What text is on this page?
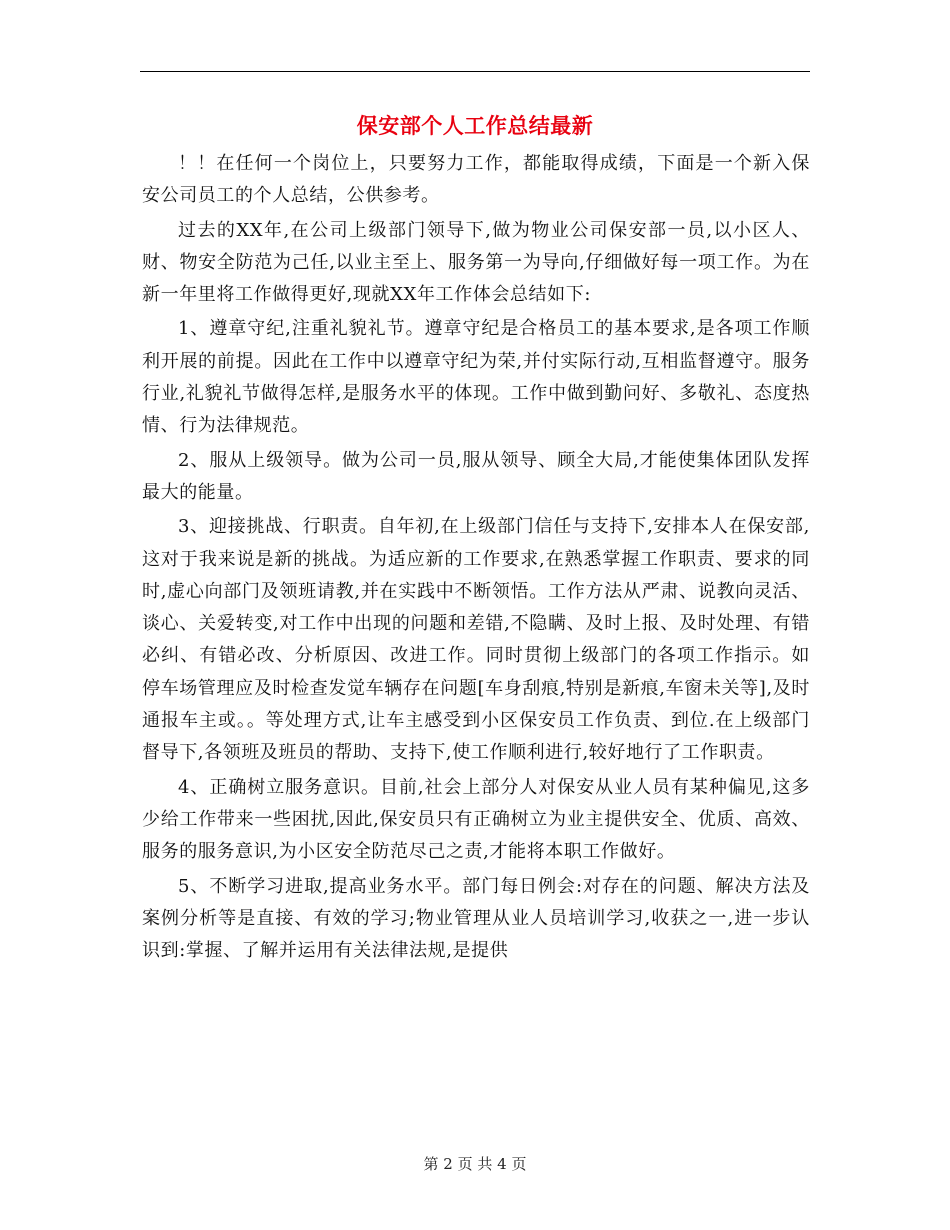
保安部个人工作总结最新

！！在任何一个岗位上，只要努力工作，都能取得成绩，下面是一个新入保安公司员工的个人总结，公供参考。

过去的XX年,在公司上级部门领导下,做为物业公司保安部一员,以小区人、财、物安全防范为己任,以业主至上、服务第一为导向,仔细做好每一项工作。为在新一年里将工作做得更好,现就XX年工作体会总结如下:

1、遵章守纪,注重礼貌礼节。遵章守纪是合格员工的基本要求,是各项工作顺利开展的前提。因此在工作中以遵章守纪为荣,并付实际行动,互相监督遵守。服务行业,礼貌礼节做得怎样,是服务水平的体现。工作中做到勤问好、多敬礼、态度热情、行为法律规范。

2、服从上级领导。做为公司一员,服从领导、顾全大局,才能使集体团队发挥最大的能量。

3、迎接挑战、行职责。自年初,在上级部门信任与支持下,安排本人在保安部,这对于我来说是新的挑战。为适应新的工作要求,在熟悉掌握工作职责、要求的同时,虚心向部门及领班请教,并在实践中不断领悟。工作方法从严肃、说教向灵活、谈心、关爱转变,对工作中出现的问题和差错,不隐瞒、及时上报、及时处理、有错必纠、有错必改、分析原因、改进工作。同时贯彻上级部门的各项工作指示。如停车场管理应及时检查发觉车辆存在问题[车身刮痕,特别是新痕,车窗未关等],及时通报车主或。。等处理方式,让车主感受到小区保安员工作负责、到位.在上级部门督导下,各领班及班员的帮助、支持下,使工作顺利进行,较好地行了工作职责。

4、正确树立服务意识。目前,社会上部分人对保安从业人员有某种偏见,这多少给工作带来一些困扰,因此,保安员只有正确树立为业主提供安全、优质、高效、服务的服务意识,为小区安全防范尽己之责,才能将本职工作做好。

5、不断学习进取,提高业务水平。部门每日例会:对存在的问题、解决方法及案例分析等是直接、有效的学习;物业管理从业人员培训学习,收获之一,进一步认识到:掌握、了解并运用有关法律法规,是提供

第 2 页 共 4 页
